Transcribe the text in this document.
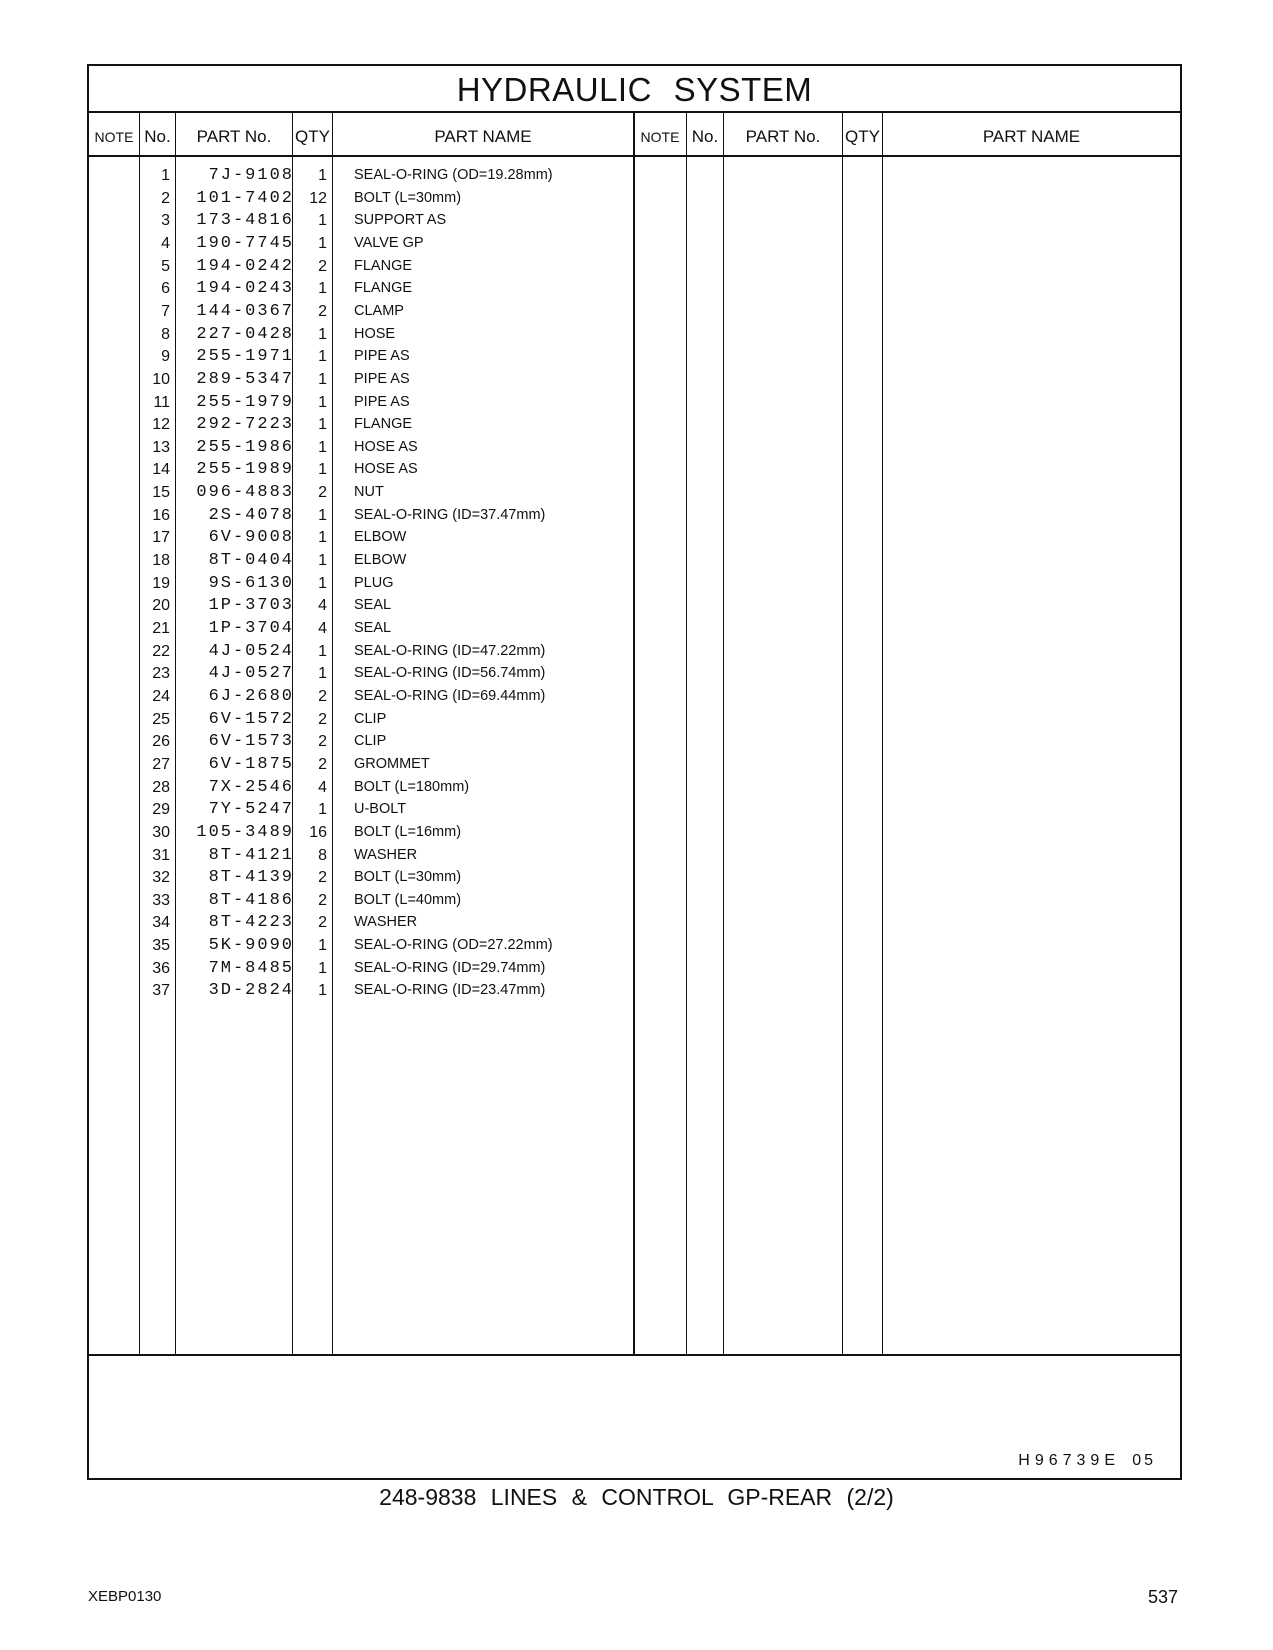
HYDRAULIC SYSTEM
NOTE No.	PART No.	QTY	PART NAME	NOTE No.	PART No.	QTY	PART NAME
1	7J-9108	1 SEAL-O-RING (OD=19.28mm)
2 101-7402 12 BOLT (L=30mm)
3 173-4816	1 SUPPORT AS
4 190-7745	1 VALVE GP
5 194-0242	2 FLANGE
6 194-0243	1 FLANGE
7 144-0367	2 CLAMP
8 227-0428	1 HOSE
9 255-1971	1 PIPE AS
10 289-5347	1 PIPE AS
11 255-1979	1 PIPE AS
12 292-7223	1 FLANGE
13 255-1986	1 HOSE AS
14 255-1989	1 HOSE AS
15 096-4883	2 NUT
16	2S-4078	1 SEAL-O-RING (ID=37.47mm)
17	6V-9008	1 ELBOW
18	8T-0404	1 ELBOW
19	9S-6130	1 PLUG
20	1P-3703	4 SEAL
21	1P-3704	4 SEAL
22	4J-0524	1 SEAL-O-RING (ID=47.22mm)
23	4J-0527	1 SEAL-O-RING (ID=56.74mm)
24	6J-2680	2 SEAL-O-RING (ID=69.44mm)
25	6V-1572	2 CLIP
26	6V-1573	2 CLIP
27	6V-1875	2 GROMMET
28	7X-2546	4 BOLT (L=180mm)
29	7Y-5247	1 U-BOLT
30 105-3489 16 BOLT (L=16mm)
31	8T-4121	8 WASHER
32	8T-4139	2 BOLT (L=30mm)
33	8T-4186	2 BOLT (L=40mm)
34	8T-4223	2 WASHER
35	5K-9090	1 SEAL-O-RING (OD=27.22mm)
36	7M-8485	1 SEAL-O-RING (ID=29.74mm)
37	3D-2824	1 SEAL-O-RING (ID=23.47mm)
H96739E 05
248-9838 LINES & CONTROL GP-REAR (2/2)
XEBP0130	537
